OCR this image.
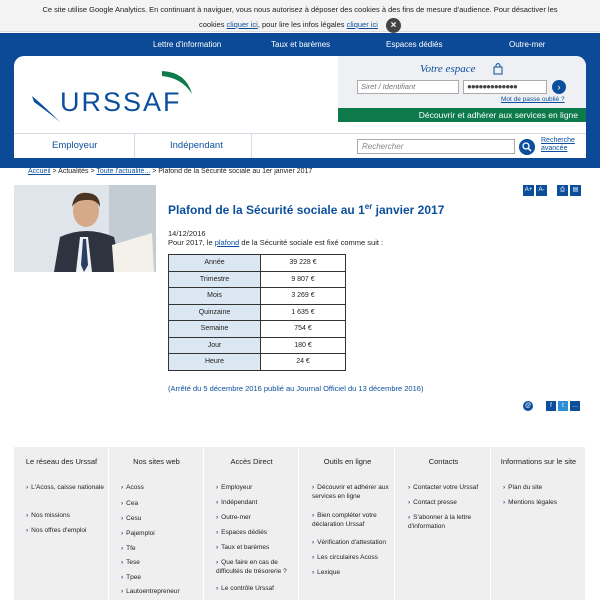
Ce site utilise Google Analytics. En continuant à naviguer, vous nous autorisez à déposer des cookies à des fins de mesure d'audience. Pour désactiver les
cookies cliquer ici, pour lire les infos légales cliquer ici ×
Lettre d'information	Taux et barèmes	Espaces dédiés	Outre-mer
URSSAF
Votre espace
Siret / Identifiant	●●●●●●●●●●●●●	›
Mot de passe oublié ?
Découvrir et adhérer aux services en ligne
Employeur	Indépendant	Rechercher
Recherche
avancée
Accueil > Actualités > Toute l'actualité... > Plafond de la Sécurité sociale au 1er janvier 2017
A+	A-	⎙	▤
Plafond de la Sécurité sociale au 1er janvier 2017
14/12/2016
Pour 2017, le plafond de la Sécurité sociale est fixé comme suit :
Année	39 228 €
Trimestre	9 807 €
Mois	3 269 €
Quinzaine	1 635 €
Semaine	754 €
Jour	180 €
Heure	24 €
(Arrêté du 5 décembre 2016 publié au Journal Officiel du 13 décembre 2016)
@	f	t	…
Le réseau des Urssaf
› L'Acoss, caisse nationale
› Nos missions
› Nos offres d'emploi
Nos sites web
› Acoss
› Cea
› Cesu
› Pajemploi
› Tfe
› Tese
› Tpee
› Lautoentrepreneur
Accès Direct
› Employeur
› Indépendant
› Outre-mer
› Espaces dédiés
› Taux et barèmes
› Que faire en cas de difficultés de trésorerie ?
› Le contrôle Urssaf
Outils en ligne
› Découvrir et adhérer aux services en ligne
› Bien compléter votre déclaration Urssaf
› Vérification d'attestation
› Les circulaires Acoss
› Lexique
Contacts
› Contacter votre Urssaf
› Contact presse
› S'abonner à la lettre d'information
Informations sur le site
› Plan du site
› Mentions légales
